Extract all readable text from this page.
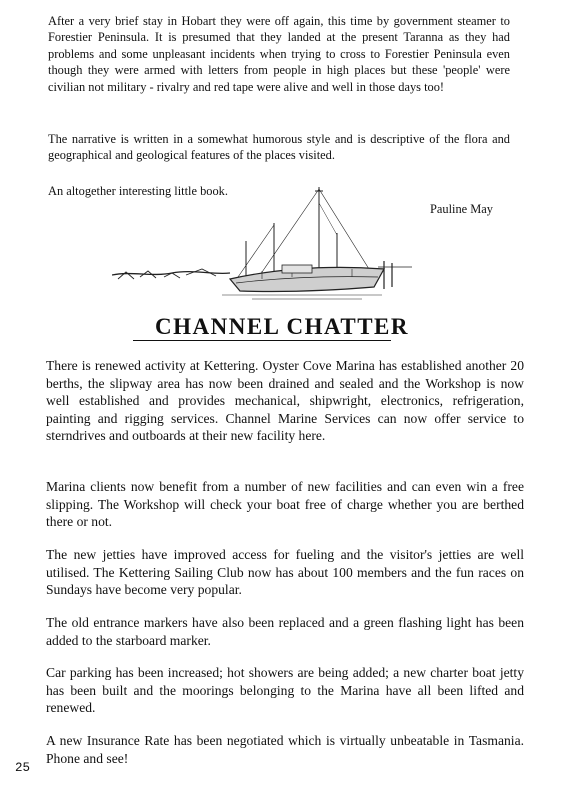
After a very brief stay in Hobart they were off again, this time by government steamer to Forestier Peninsula. It is presumed that they landed at the present Taranna as they had problems and some unpleasant incidents when trying to cross to Forestier Peninsula even though they were armed with letters from people in high places but these 'people' were civilian not military - rivalry and red tape were alive and well in those days too!

The narrative is written in a somewhat humorous style and is descriptive of the flora and geographical and geological features of the places visited.

An altogether interesting little book.

Pauline May

CHANNEL CHATTER

There is renewed activity at Kettering. Oyster Cove Marina has established another 20 berths, the slipway area has now been drained and sealed and the Workshop is now well established and provides mechanical, shipwright, electronics, refrigeration, painting and rigging services. Channel Marine Services can now offer service to sterndrives and outboards at their new facility here.

Marina clients now benefit from a number of new facilities and can even win a free slipping. The Workshop will check your boat free of charge whether you are berthed there or not.

The new jetties have improved access for fueling and the visitor's jetties are well utilised. The Kettering Sailing Club now has about 100 members and the fun races on Sundays have become very popular.

The old entrance markers have also been replaced and a green flashing light has been added to the starboard marker.

Car parking has been increased; hot showers are being added; a new charter boat jetty has been built and the moorings belonging to the Marina have all been lifted and renewed.

A new Insurance Rate has been negotiated which is virtually unbeatable in Tasmania. Phone and see!

25
